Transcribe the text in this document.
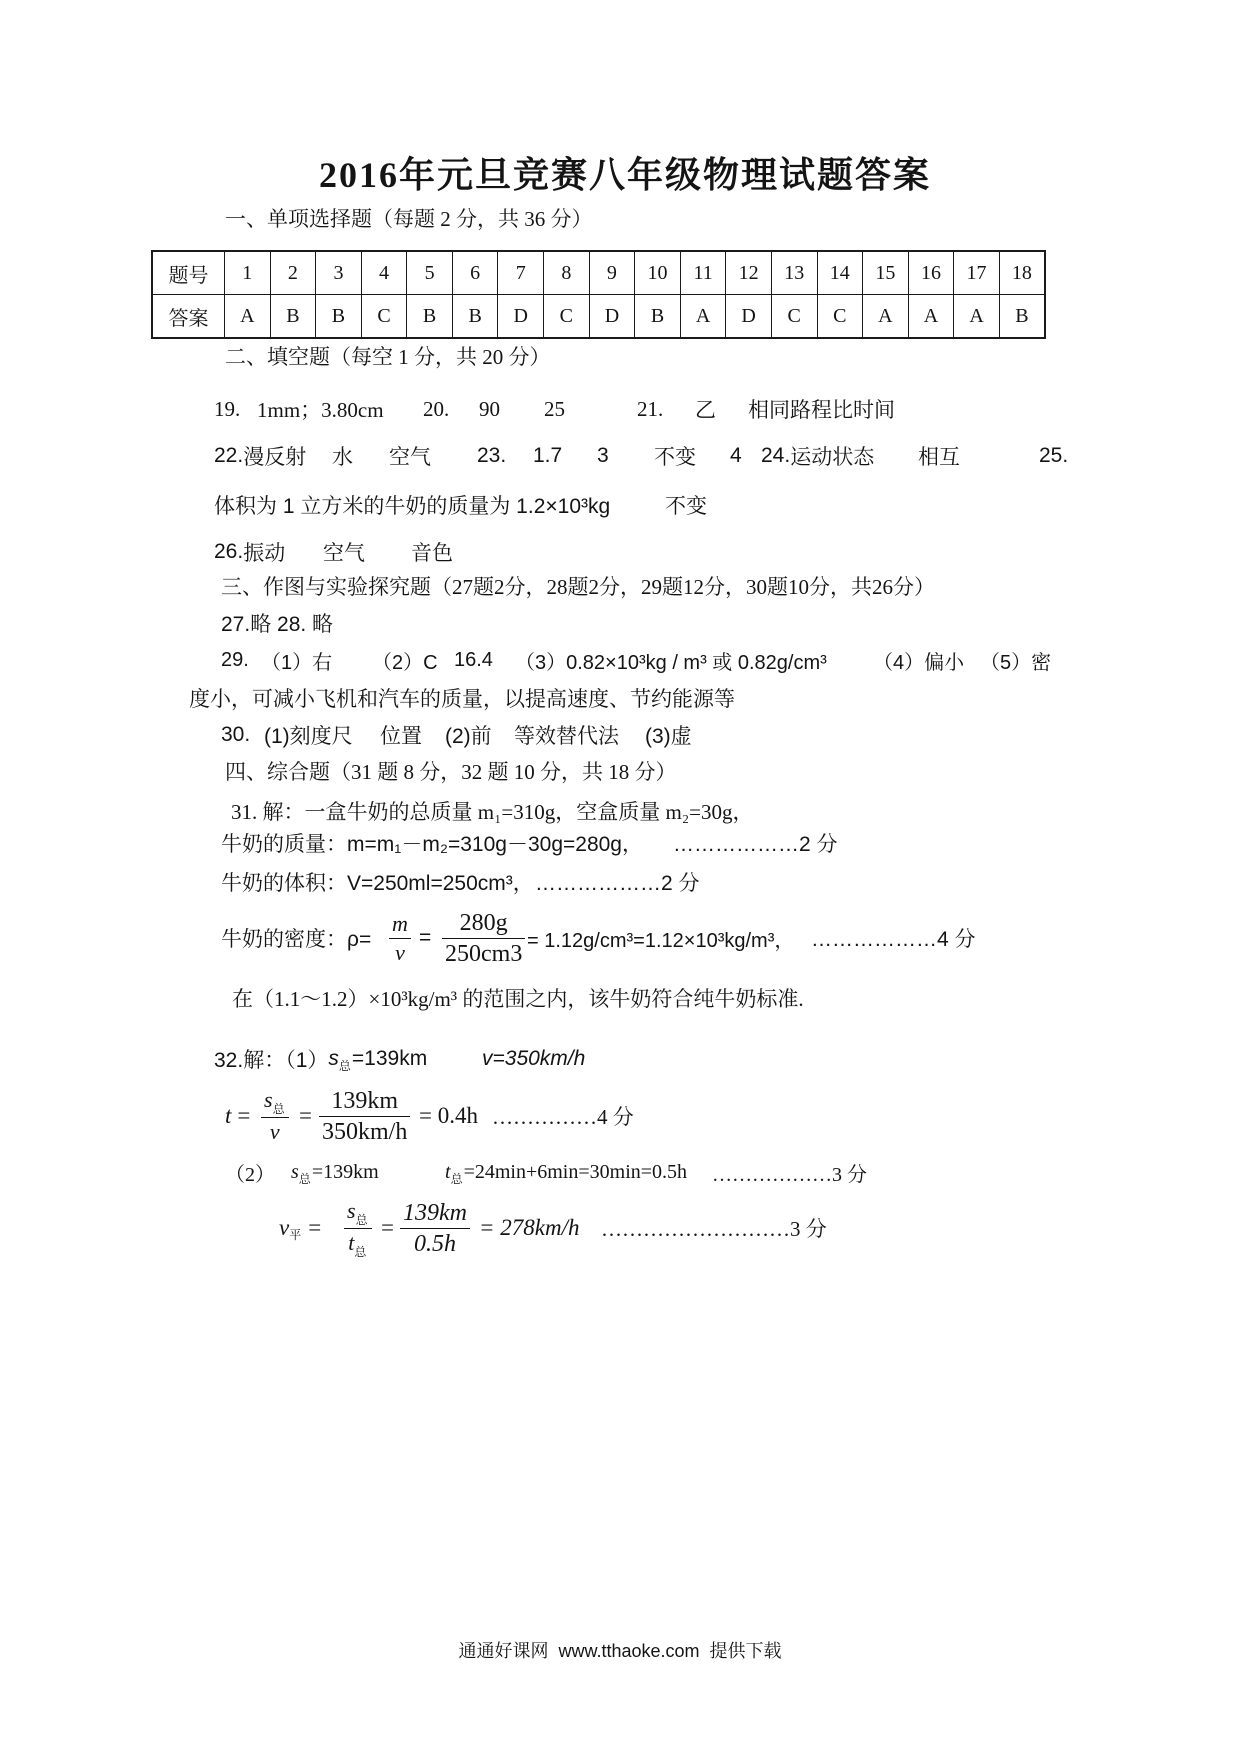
2016年元旦竞赛八年级物理试题答案
一、单项选择题（每题 2 分，共 36 分）
题号	1	2	3	4	5	6	7	8	9	10	11	12	13	14	15	16	17	18
答案	A	B	B	C	B	B	D	C	D	B	A	D	C	C	A	A	A	B
二、填空题（每空 1 分，共 20 分）
19. 1mm；3.80cm 20. 90 25	21. 乙 相同路程比时间
22. 漫反射 水 空气 23. 1.7 3 不变 4 24. 运动状态 相互	25.
体积为 1 立方米的牛奶的质量为 1.2×10³kg	不变
26. 振动 空气 音色
三、作图与实验探究题（27题2分，28题2分，29题12分，30题10分，共26分）
27.略 28. 略
29. （1）右 （2）C 16.4 （3）0.82×10³kg / m³ 或 0.82g/cm³ （4）偏小 （5）密
度小，可减小飞机和汽车的质量，以提高速度、节约能源等
30. (1)刻度尺 位置 (2)前 等效替代法 (3)虚
四、综合题（31 题 8 分，32 题 10 分，共 18 分）
31. 解：一盒牛奶的总质量 m₁=310g，空盒质量 m₂=30g，
牛奶的质量：m=m₁－m₂=310g－30g=280g， ………………2 分
牛奶的体积：V=250ml=250cm³， ………………2 分
牛奶的密度：$\rho= \frac{m}{v} = \frac{280g}{250cm3} = 1.12g/cm^3=1.12\times 10^3kg/m^3$， ………………4 分
在（1.1～1.2）×10³kg/m³ 的范围之内，该牛奶符合纯牛奶标准.
32.解：（1） s 总 =139km	v=350km/h
$t = \frac{s_总}{v} = \frac{139km}{350km/h} = 0.4h$ ……………4 分
（2） s 总 =139km	t 总 =24min+6min=30min=0.5h ………………3 分
v 平 = $\frac{s_总}{t_总} = \frac{139km}{0.5h} = 278km/h$ ………………………3 分
通通好课网  www.tthaoke.com  提供下载
